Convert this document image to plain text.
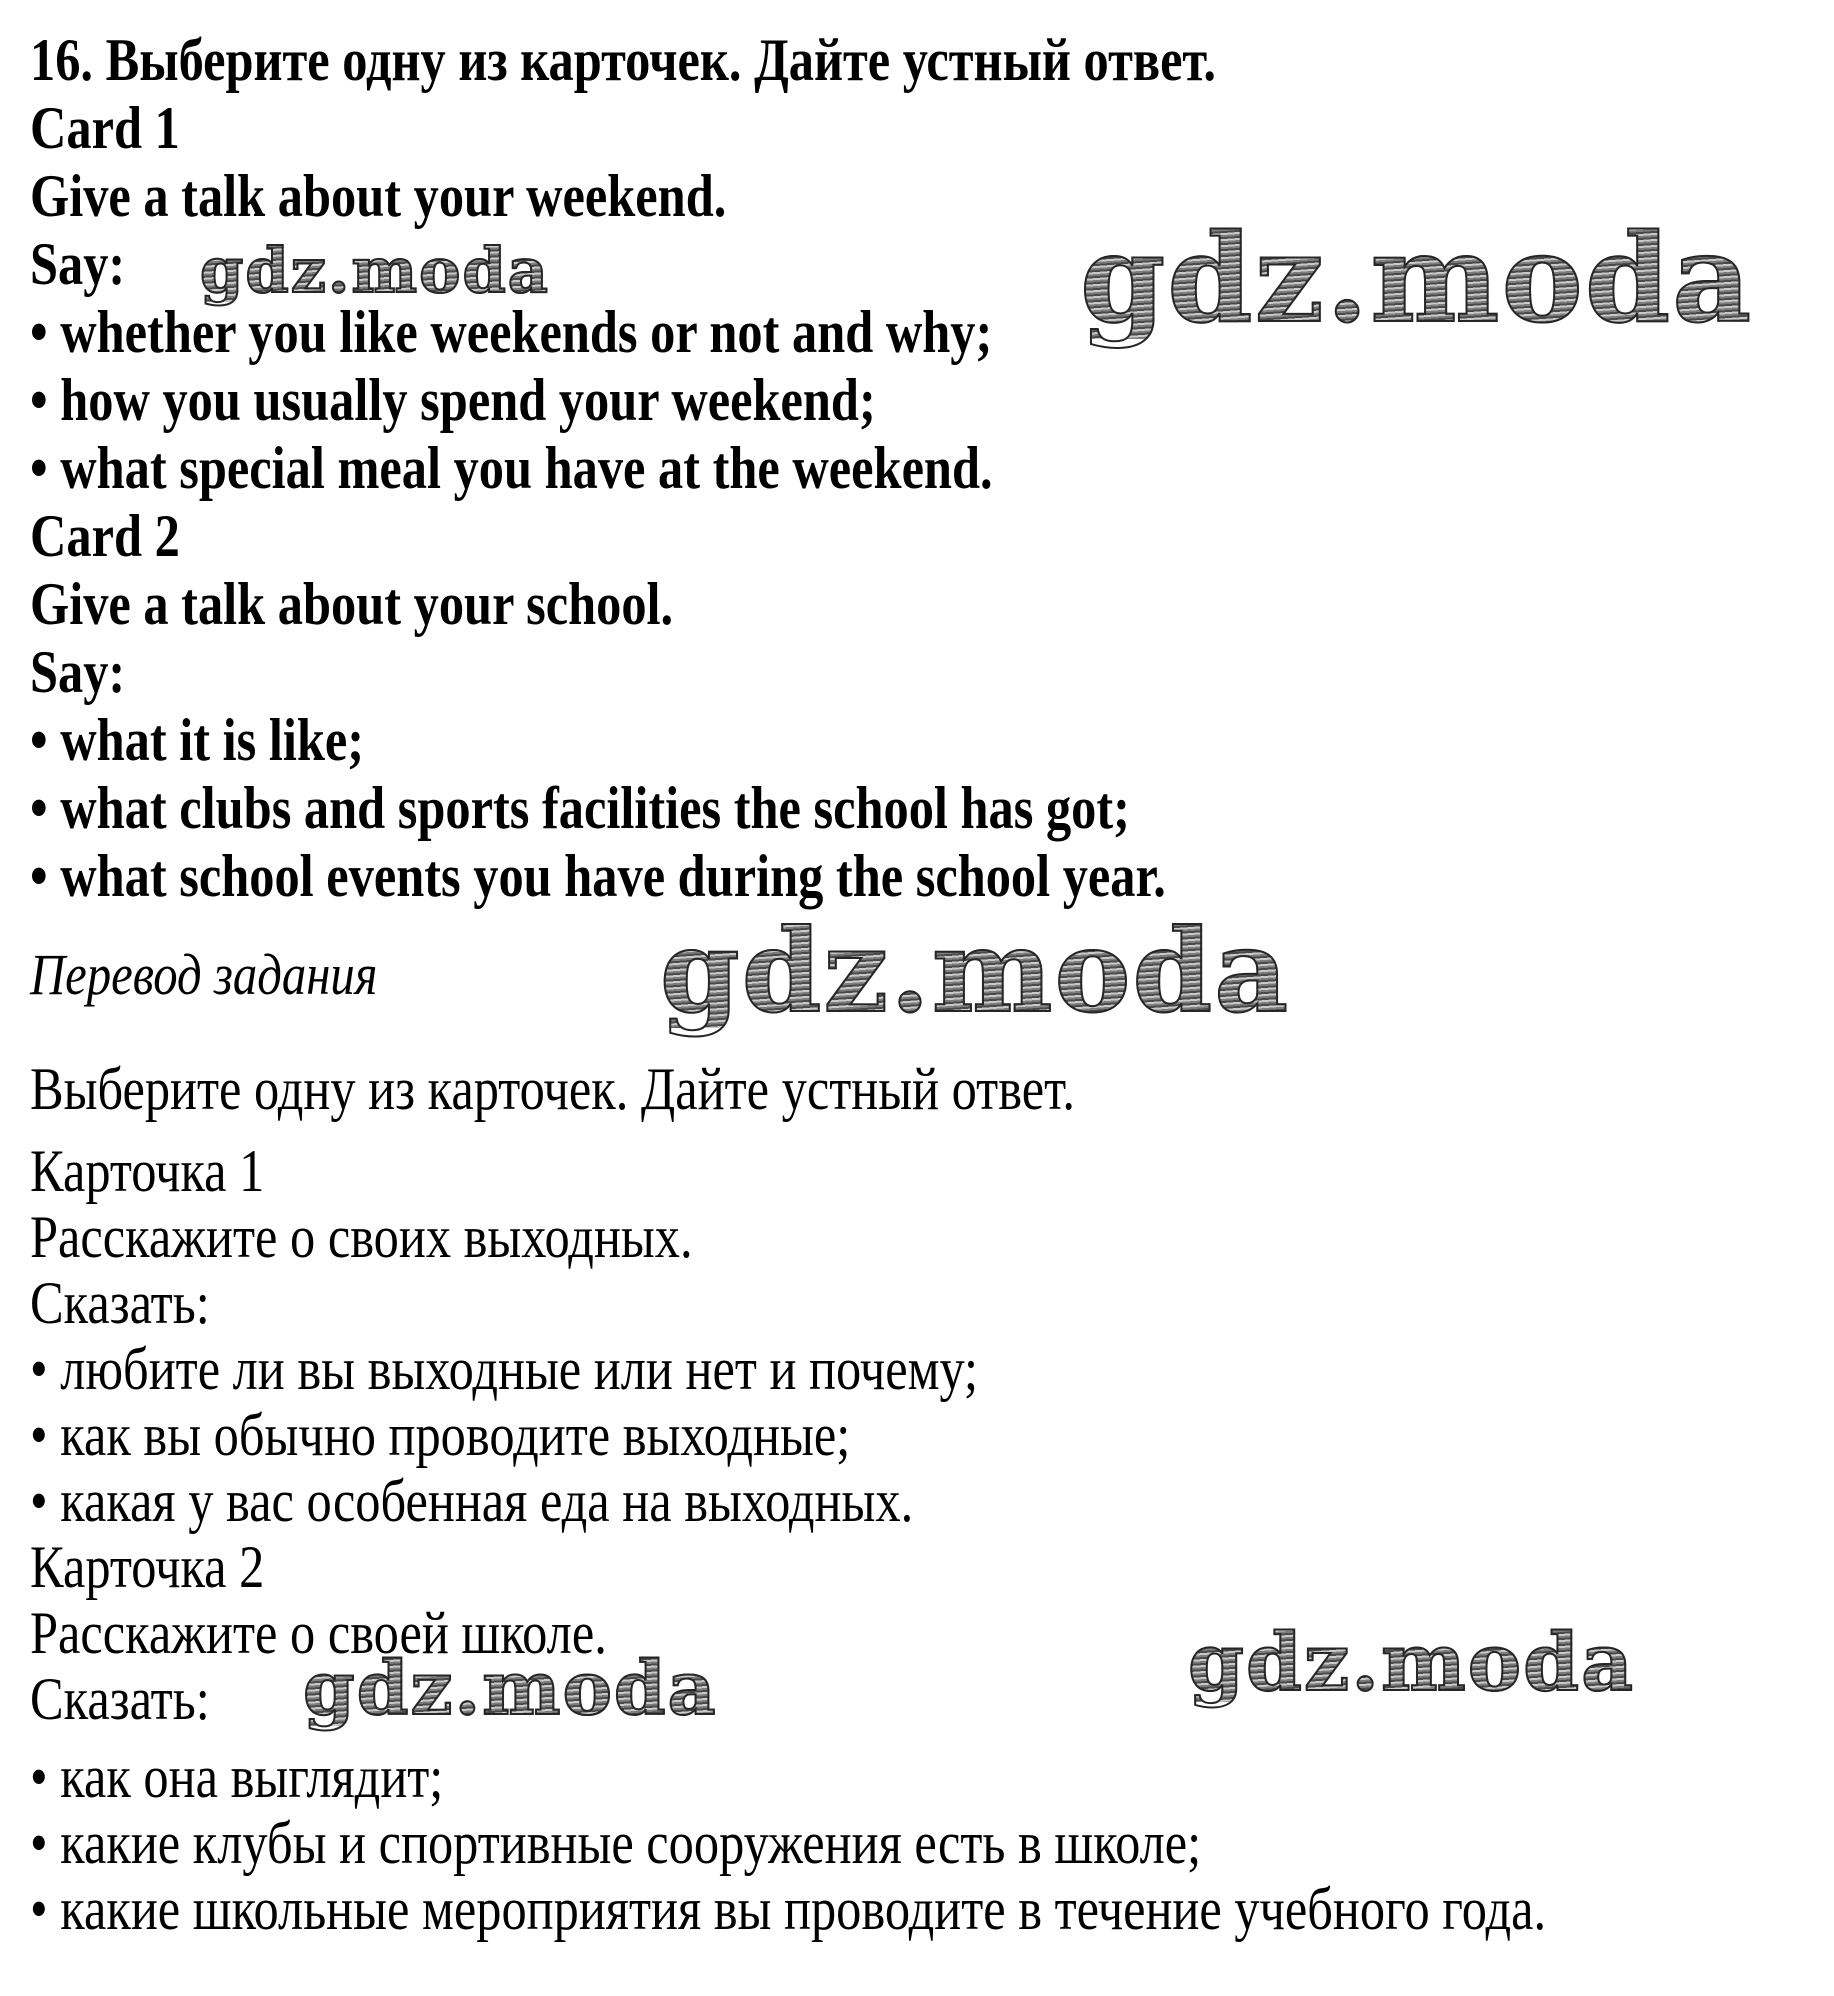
gdz.moda	gdz.moda
gdz.moda
gdz.moda	gdz.moda
16. Выберите одну из карточек. Дайте устный ответ.
Card 1
Give a talk about your weekend.
Say:
• whether you like weekends or not and why;
• how you usually spend your weekend;
• what special meal you have at the weekend.
Card 2
Give a talk about your school.
Say:
• what it is like;
• what clubs and sports facilities the school has got;
• what school events you have during the school year.
Перевод задания
Выберите одну из карточек. Дайте устный ответ.
Карточка 1
Расскажите о своих выходных.
Сказать:
• любите ли вы выходные или нет и почему;
• как вы обычно проводите выходные;
• какая у вас особенная еда на выходных.
Карточка 2
Расскажите о своей школе.
Сказать:
• как она выглядит;
• какие клубы и спортивные сооружения есть в школе;
• какие школьные мероприятия вы проводите в течение учебного года.
